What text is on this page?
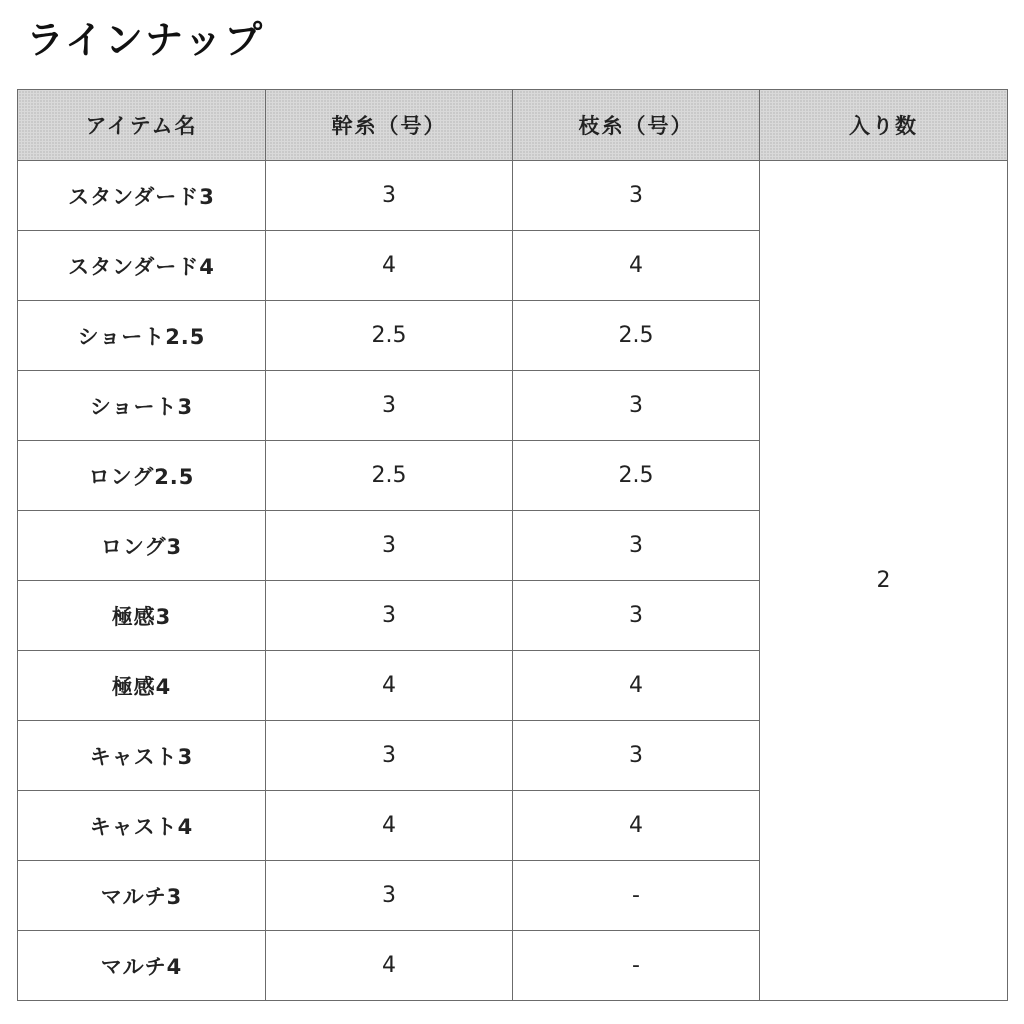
ラインナップ
アイテム名	幹糸（号）	枝糸（号）	入り数
スタンダード3	3	3	2
スタンダード4	4	4	
ショート2.5	2.5	2.5	
ショート3	3	3	
ロング2.5	2.5	2.5	
ロング3	3	3	
極感3	3	3	
極感4	4	4	
キャスト3	3	3	
キャスト4	4	4	
マルチ3	3	-	
マルチ4	4	-	
